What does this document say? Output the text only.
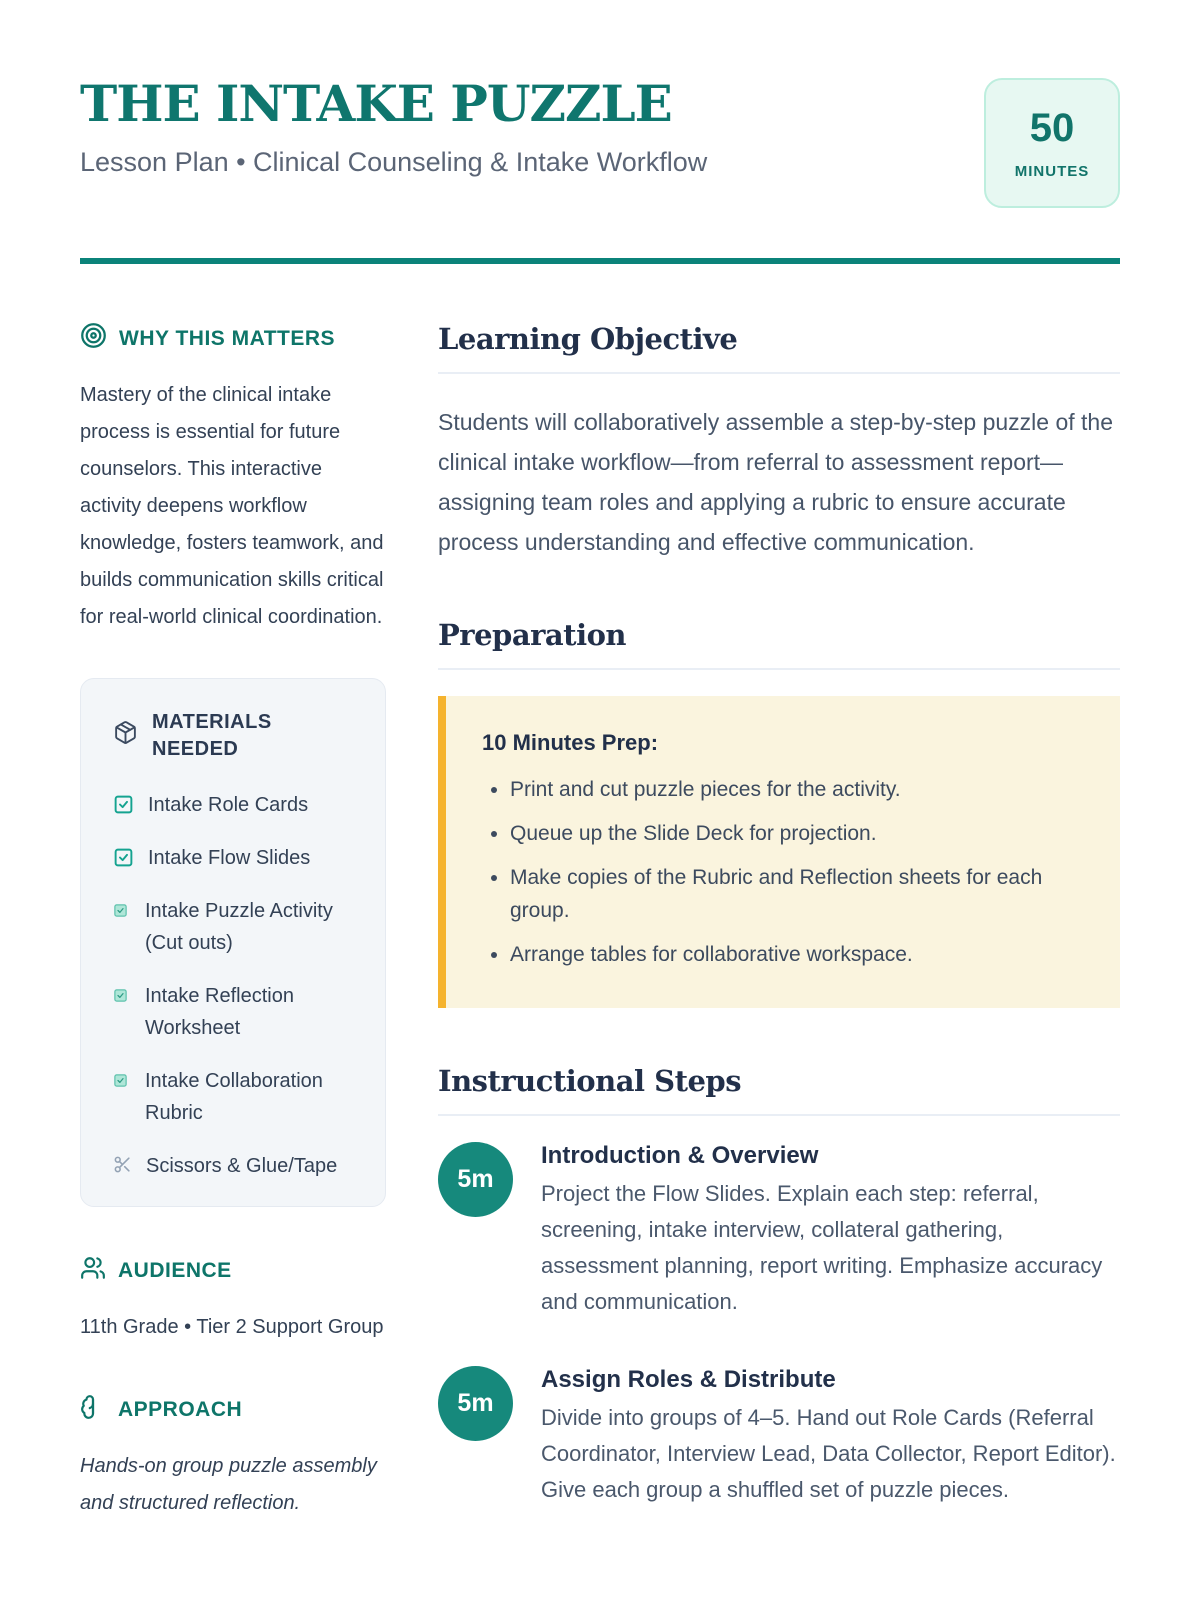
THE INTAKE PUZZLE

Lesson Plan • Clinical Counseling & Intake Workflow

50
MINUTES
WHY THIS MATTERS

Mastery of the clinical intake process is essential for future counselors. This interactive activity deepens workflow knowledge, fosters teamwork, and builds communication skills critical for real-world clinical coordination.

MATERIALS NEEDED
Intake Role Cards
Intake Flow Slides
Intake Puzzle Activity (Cut outs)
Intake Reflection Worksheet
Intake Collaboration Rubric
Scissors & Glue/Tape
AUDIENCE

11th Grade • Tier 2 Support Group

APPROACH

Hands-on group puzzle assembly and structured reflection.

Learning Objective

Students will collaboratively assemble a step-by-step puzzle of the clinical intake workflow—from referral to assessment report—assigning team roles and applying a rubric to ensure accurate process understanding and effective communication.

Preparation
10 Minutes Prep:
• Print and cut puzzle pieces for the activity.
• Queue up the Slide Deck for projection.
• Make copies of the Rubric and Reflection sheets for each group.
• Arrange tables for collaborative workspace.
Instructional Steps
5m
Introduction & Overview
Project the Flow Slides. Explain each step: referral, screening, intake interview, collateral gathering, assessment planning, report writing. Emphasize accuracy and communication.
5m
Assign Roles & Distribute
Divide into groups of 4–5. Hand out Role Cards (Referral Coordinator, Interview Lead, Data Collector, Report Editor). Give each group a shuffled set of puzzle pieces.
